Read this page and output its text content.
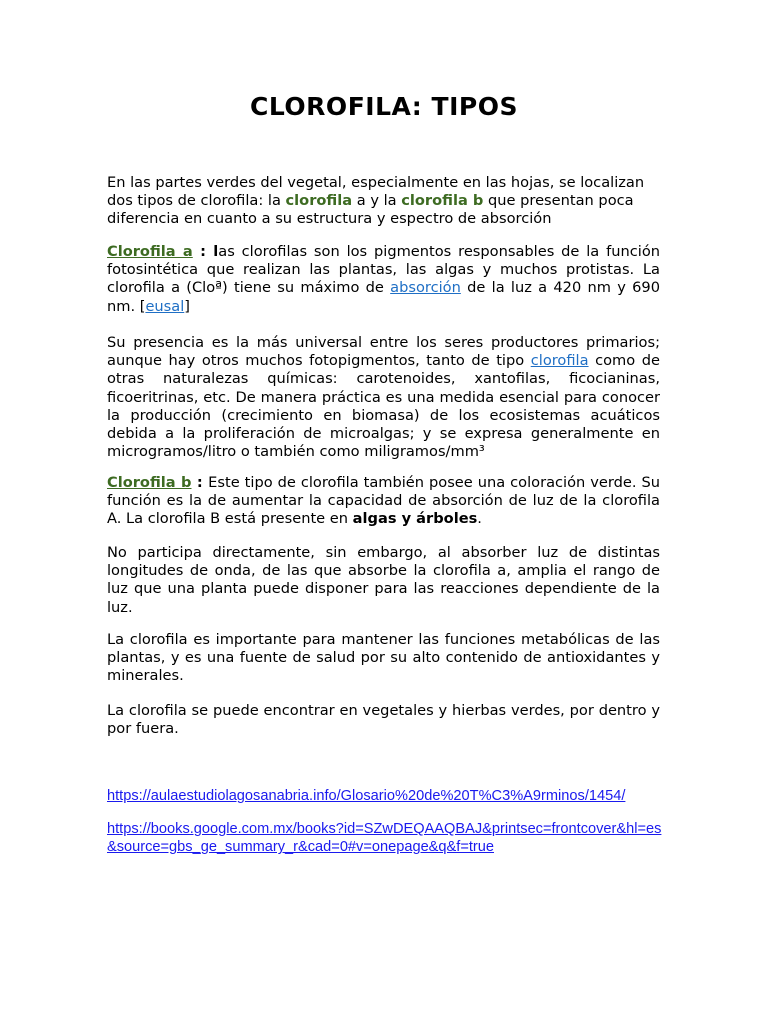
CLOROFILA: TIPOS

En las partes verdes del vegetal, especialmente en las hojas, se localizan dos tipos de clorofila: la clorofila a y la clorofila b que presentan poca diferencia en cuanto a su estructura y espectro de absorción

Clorofila a : las clorofilas son los pigmentos responsables de la función fotosintética que realizan las plantas, las algas y muchos protistas. La clorofila a (Cloª) tiene su máximo de absorción de la luz a 420 nm y 690 nm. [eusal]

Su presencia es la más universal entre los seres productores primarios; aunque hay otros muchos fotopigmentos, tanto de tipo clorofila como de otras naturalezas químicas: carotenoides, xantofilas, ficocianinas, ficoeritrinas, etc. De manera práctica es una medida esencial para conocer la producción (crecimiento en biomasa) de los ecosistemas acuáticos debida a la proliferación de microalgas; y se expresa generalmente en microgramos/litro o también como miligramos/mm³

Clorofila b : Este tipo de clorofila también posee una coloración verde. Su función es la de aumentar la capacidad de absorción de luz de la clorofila A. La clorofila B está presente en algas y árboles.

No participa directamente, sin embargo, al absorber luz de distintas longitudes de onda, de las que absorbe la clorofila a, amplia el rango de luz que una planta puede disponer para las reacciones dependiente de la luz.

La clorofila es importante para mantener las funciones metabólicas de las plantas, y es una fuente de salud por su alto contenido de antioxidantes y minerales.

La clorofila se puede encontrar en vegetales y hierbas verdes, por dentro y por fuera.

https://aulaestudiolagosanabria.info/Glosario%20de%20T%C3%A9rminos/1454/
https://books.google.com.mx/books?id=SZwDEQAAQBAJ&printsec=frontcover&hl=es&source=gbs_ge_summary_r&cad=0#v=onepage&q&f=true
